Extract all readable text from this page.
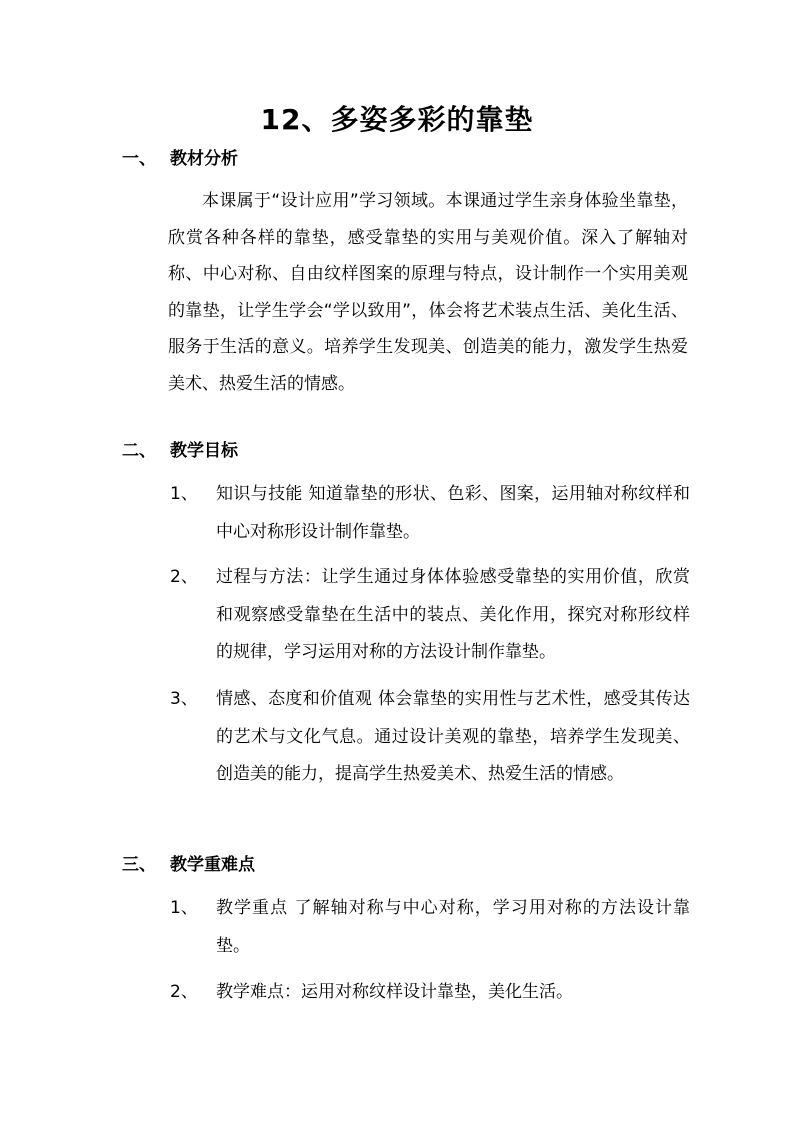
12、多姿多彩的靠垫
一、 教材分析
本课属于“设计应用”学习领域。本课通过学生亲身体验坐靠垫，欣赏各种各样的靠垫，感受靠垫的实用与美观价值。深入了解轴对称、中心对称、自由纹样图案的原理与特点，设计制作一个实用美观的靠垫，让学生学会“学以致用”，体会将艺术装点生活、美化生活、服务于生活的意义。培养学生发现美、创造美的能力，激发学生热爱美术、热爱生活的情感。
二、 教学目标
1、	知识与技能 知道靠垫的形状、色彩、图案，运用轴对称纹样和中心对称形设计制作靠垫。
2、	过程与方法：让学生通过身体体验感受靠垫的实用价值，欣赏和观察感受靠垫在生活中的装点、美化作用，探究对称形纹样的规律，学习运用对称的方法设计制作靠垫。
3、	情感、态度和价值观 体会靠垫的实用性与艺术性，感受其传达的艺术与文化气息。通过设计美观的靠垫，培养学生发现美、创造美的能力，提高学生热爱美术、热爱生活的情感。
三、 教学重难点
1、	教学重点 了解轴对称与中心对称，学习用对称的方法设计靠垫。
2、	教学难点：运用对称纹样设计靠垫，美化生活。
